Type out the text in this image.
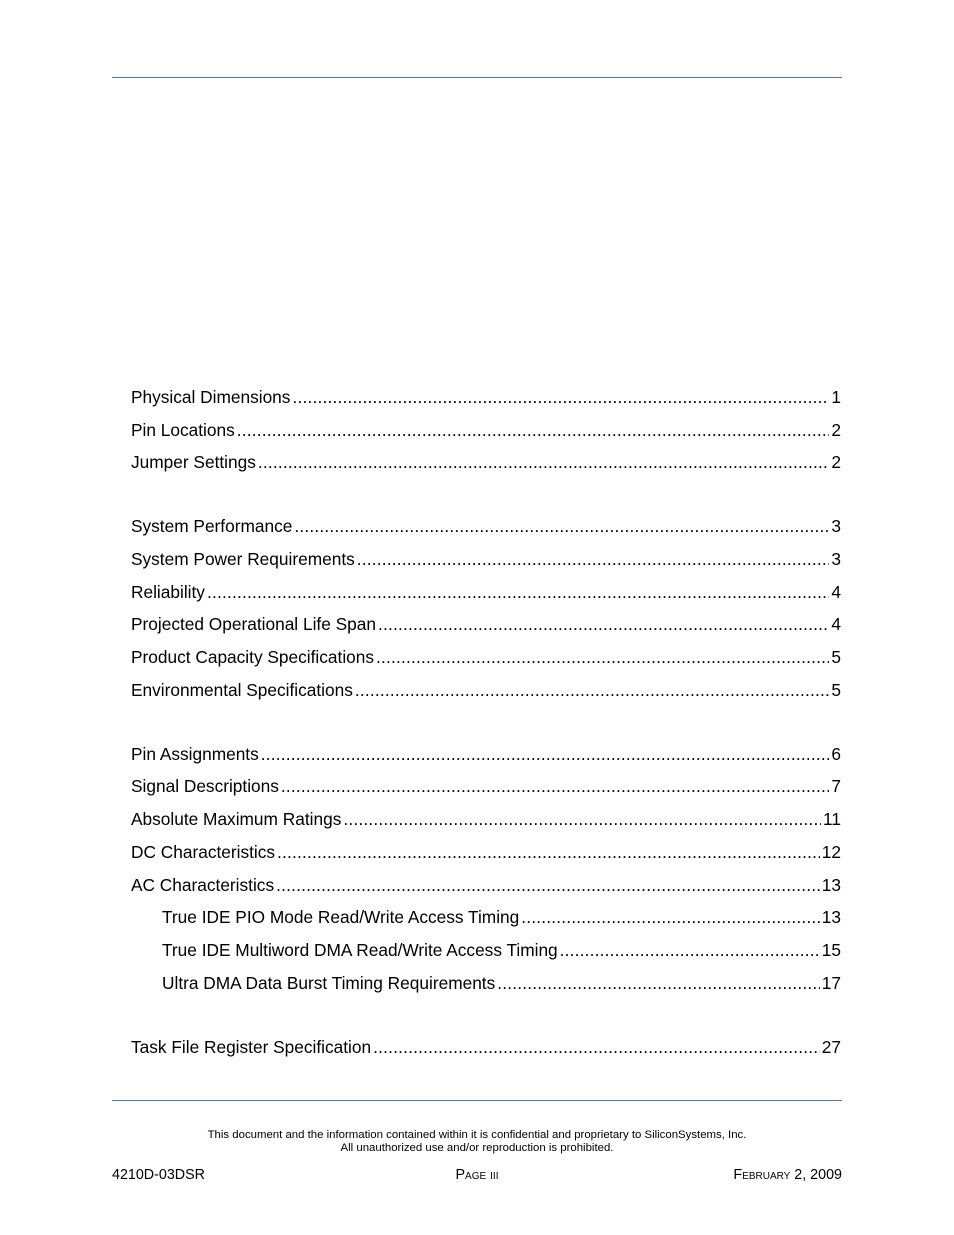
Physical Dimensions .....	1
Pin Locations .....	2
Jumper Settings .....	2
System Performance .....	3
System Power Requirements .....	3
Reliability .....	4
Projected Operational Life Span .....	4
Product Capacity Specifications .....	5
Environmental Specifications .....	5
Pin Assignments .....	6
Signal Descriptions .....	7
Absolute Maximum Ratings .....	11
DC Characteristics .....	12
AC Characteristics .....	13
True IDE PIO Mode Read/Write Access Timing .....	13
True IDE Multiword DMA Read/Write Access Timing .....	15
Ultra DMA Data Burst Timing Requirements .....	17
Task File Register Specification .....	27
This document and the information contained within it is confidential and proprietary to SiliconSystems, Inc.
All unauthorized use and/or reproduction is prohibited.
4210D-03DSR	Page iii	February 2, 2009
